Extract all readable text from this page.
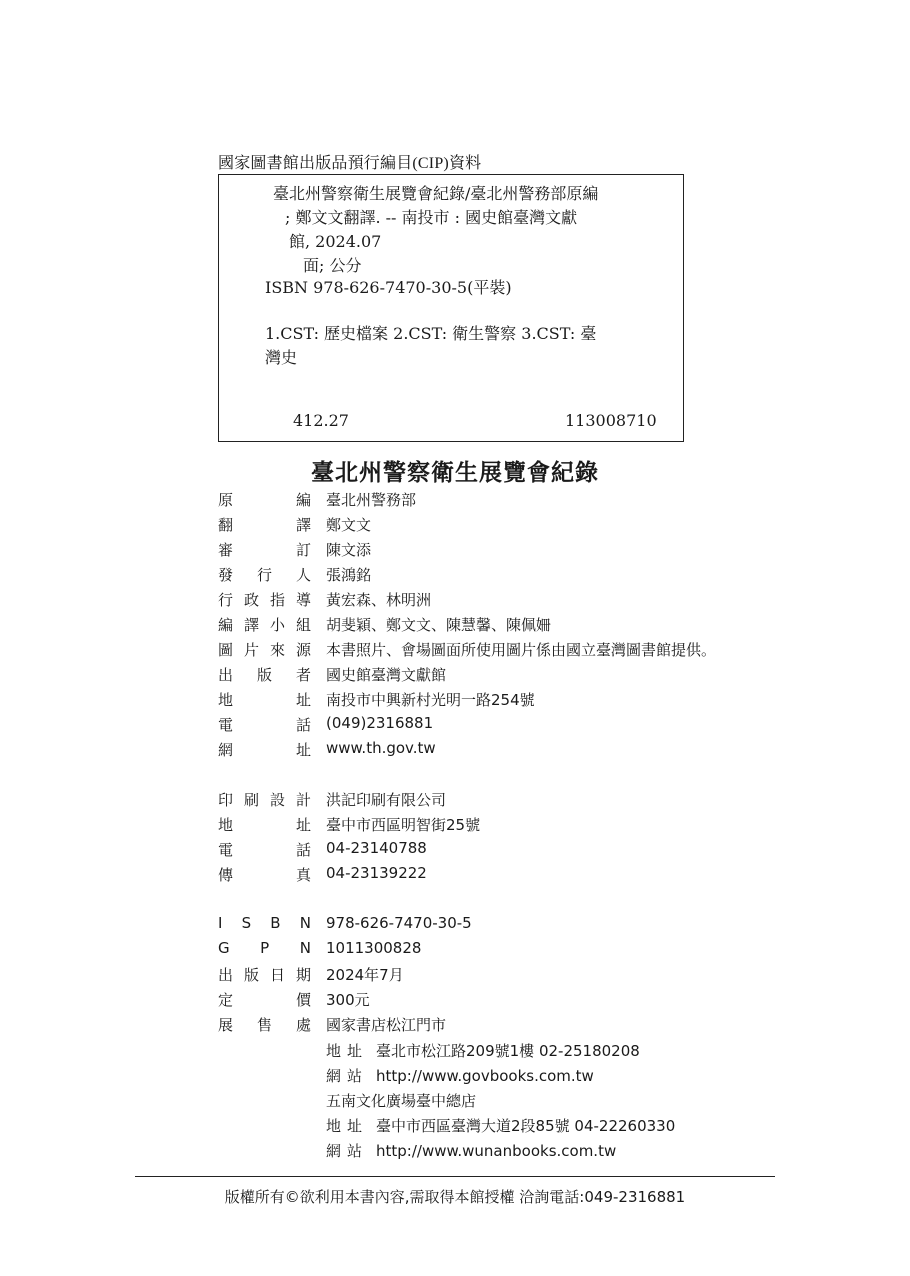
國家圖書館出版品預行編目(CIP)資料
臺北州警察衛生展覽會紀錄/臺北州警務部原編
; 鄭文文翻譯. -- 南投市 : 國史館臺灣文獻
館, 2024.07
面; 公分
ISBN 978-626-7470-30-5(平裝)
1.CST: 歷史檔案 2.CST: 衛生警察 3.CST: 臺
灣史
412.27	113008710
臺北州警察衛生展覽會紀錄
原	編 臺北州警務部
翻	譯 鄭文文
審	訂 陳文添
發 行 人 張鴻銘
行 政 指 導 黃宏森、林明洲
編 譯 小 組 胡斐穎、鄭文文、陳慧馨、陳佩姍
圖 片 來 源 本書照片、會場圖面所使用圖片係由國立臺灣圖書館提供。
出 版 者 國史館臺灣文獻館
地	址 南投市中興新村光明一路254號
電	話 (049)2316881
網	址 www.th.gov.tw
印 刷 設 計 洪記印刷有限公司
地	址 臺中市西區明智街25號
電	話 04-23140788
傳	真 04-23139222
I S B N 978-626-7470-30-5
G P N 1011300828
出 版 日 期 2024年7月
定	價 300元
展 售 處 國家書店松江門市
地址 臺北市松江路209號1樓 02-25180208
網站 http://www.govbooks.com.tw
五南文化廣場臺中總店
地址 臺中市西區臺灣大道2段85號 04-22260330
網站 http://www.wunanbooks.com.tw
版權所有©欲利用本書內容,需取得本館授權 洽詢電話:049-2316881
